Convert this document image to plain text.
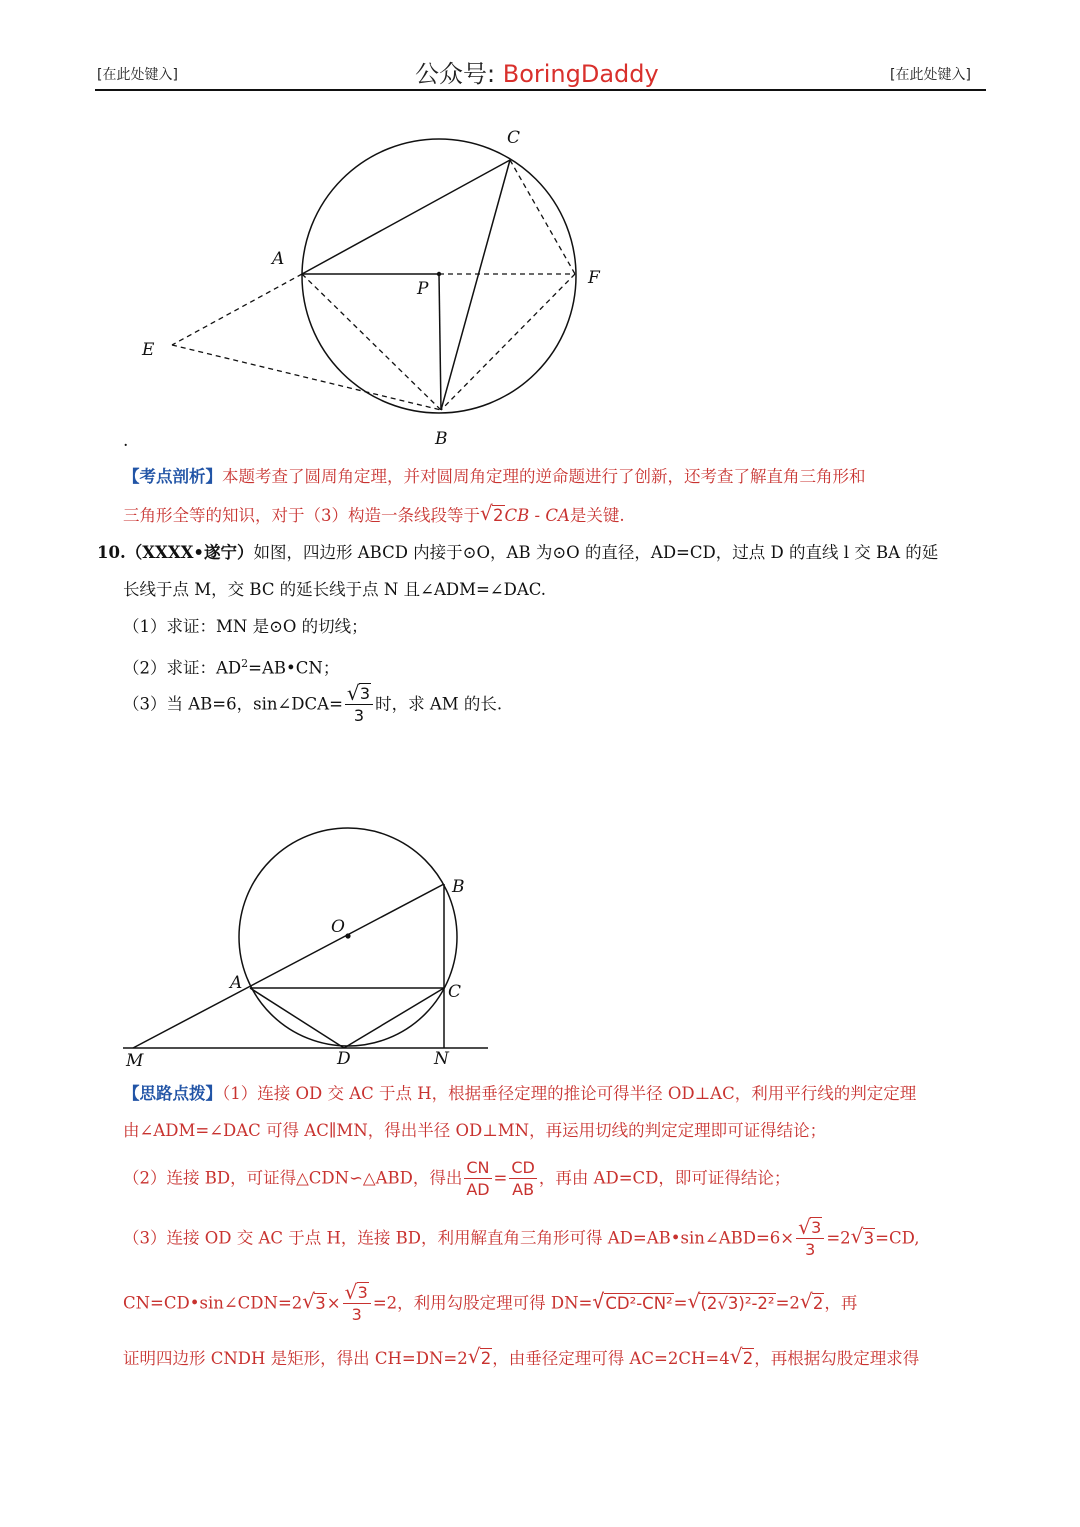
[在此处键入]	公众号: BoringDaddy	[在此处键入]
C
A
P
F
E
B
.
【考点剖析】本题考查了圆周角定理，并对圆周角定理的逆命题进行了创新，还考查了解直角三角形和
三角形全等的知识，对于（3）构造一条线段等于 √ 2CB - CA是关键.
10.（XXXX•遂宁）如图，四边形 ABCD 内接于⊙O，AB 为⊙O 的直径，AD=CD，过点 D 的直线 l 交 BA 的延
长线于点 M，交 BC 的延长线于点 N 且∠ADM=∠DAC.
（1）求证：MN 是⊙O 的切线；
（2）求证：$AD^2=AB•CN$；
（3）当 AB=6，sin∠DCA= $\frac{√ 3}{3}$ 时，求 AM 的长.
O
B
A	C
M	D	N
【思路点拨】（1）连接 OD 交 AC 于点 H，根据垂径定理的推论可得半径 OD⊥AC，利用平行线的判定定理
由∠ADM=∠DAC 可得 AC∥MN，得出半径 OD⊥MN，再运用切线的判定定理即可证得结论；
（2）连接 BD，可证得△CDN∽△ABD，得出 $\frac{CN}{AD} = \frac{CD}{AB}$ ，再由 AD=CD，即可证得结论；
（3）连接 OD 交 AC 于点 H，连接 BD，利用解直角三角形可得 AD=AB•sin∠ABD=6× $\frac{√ 3}{3} =2$ √ 3=CD,
CN=CD•sin∠CDN=2 √ $3\times \frac{√ 3}{3} =2$，利用勾股定理可得 DN= √ CD²-CN²= √ (2√3)²-2²=2 √ 2，再
证明四边形 CNDH 是矩形，得出 CH=DN=2 √ 2，由垂径定理可得 AC=2CH=4 √ 2，再根据勾股定理求得
